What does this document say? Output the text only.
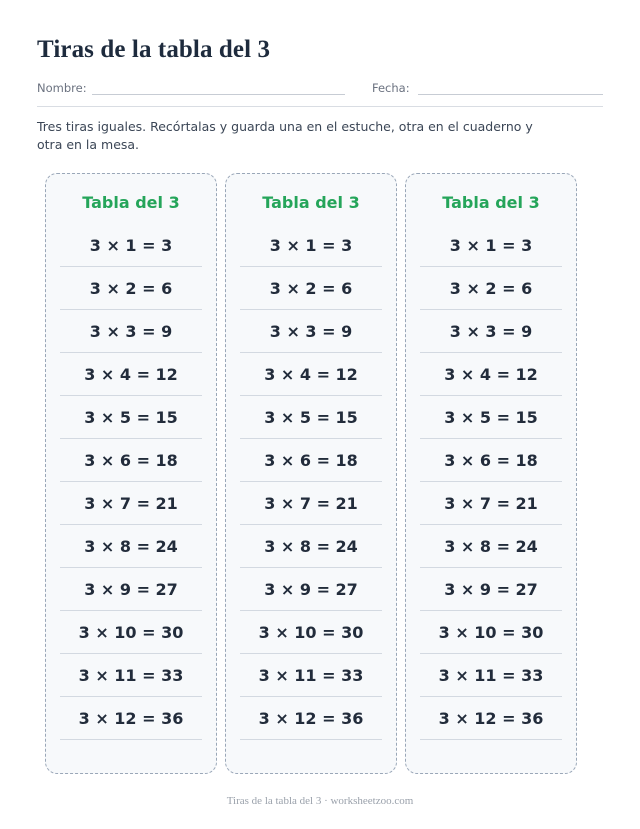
Tiras de la tabla del 3
Nombre:	Fecha:
Tres tiras iguales. Recórtalas y guarda una en el estuche, otra en el cuaderno y otra en la mesa.
Tabla del 3
3 × 1 = 3
3 × 2 = 6
3 × 3 = 9
3 × 4 = 12
3 × 5 = 15
3 × 6 = 18
3 × 7 = 21
3 × 8 = 24
3 × 9 = 27
3 × 10 = 30
3 × 11 = 33
3 × 12 = 36
Tabla del 3
3 × 1 = 3
3 × 2 = 6
3 × 3 = 9
3 × 4 = 12
3 × 5 = 15
3 × 6 = 18
3 × 7 = 21
3 × 8 = 24
3 × 9 = 27
3 × 10 = 30
3 × 11 = 33
3 × 12 = 36
Tabla del 3
3 × 1 = 3
3 × 2 = 6
3 × 3 = 9
3 × 4 = 12
3 × 5 = 15
3 × 6 = 18
3 × 7 = 21
3 × 8 = 24
3 × 9 = 27
3 × 10 = 30
3 × 11 = 33
3 × 12 = 36
Tiras de la tabla del 3 · worksheetzoo.com
